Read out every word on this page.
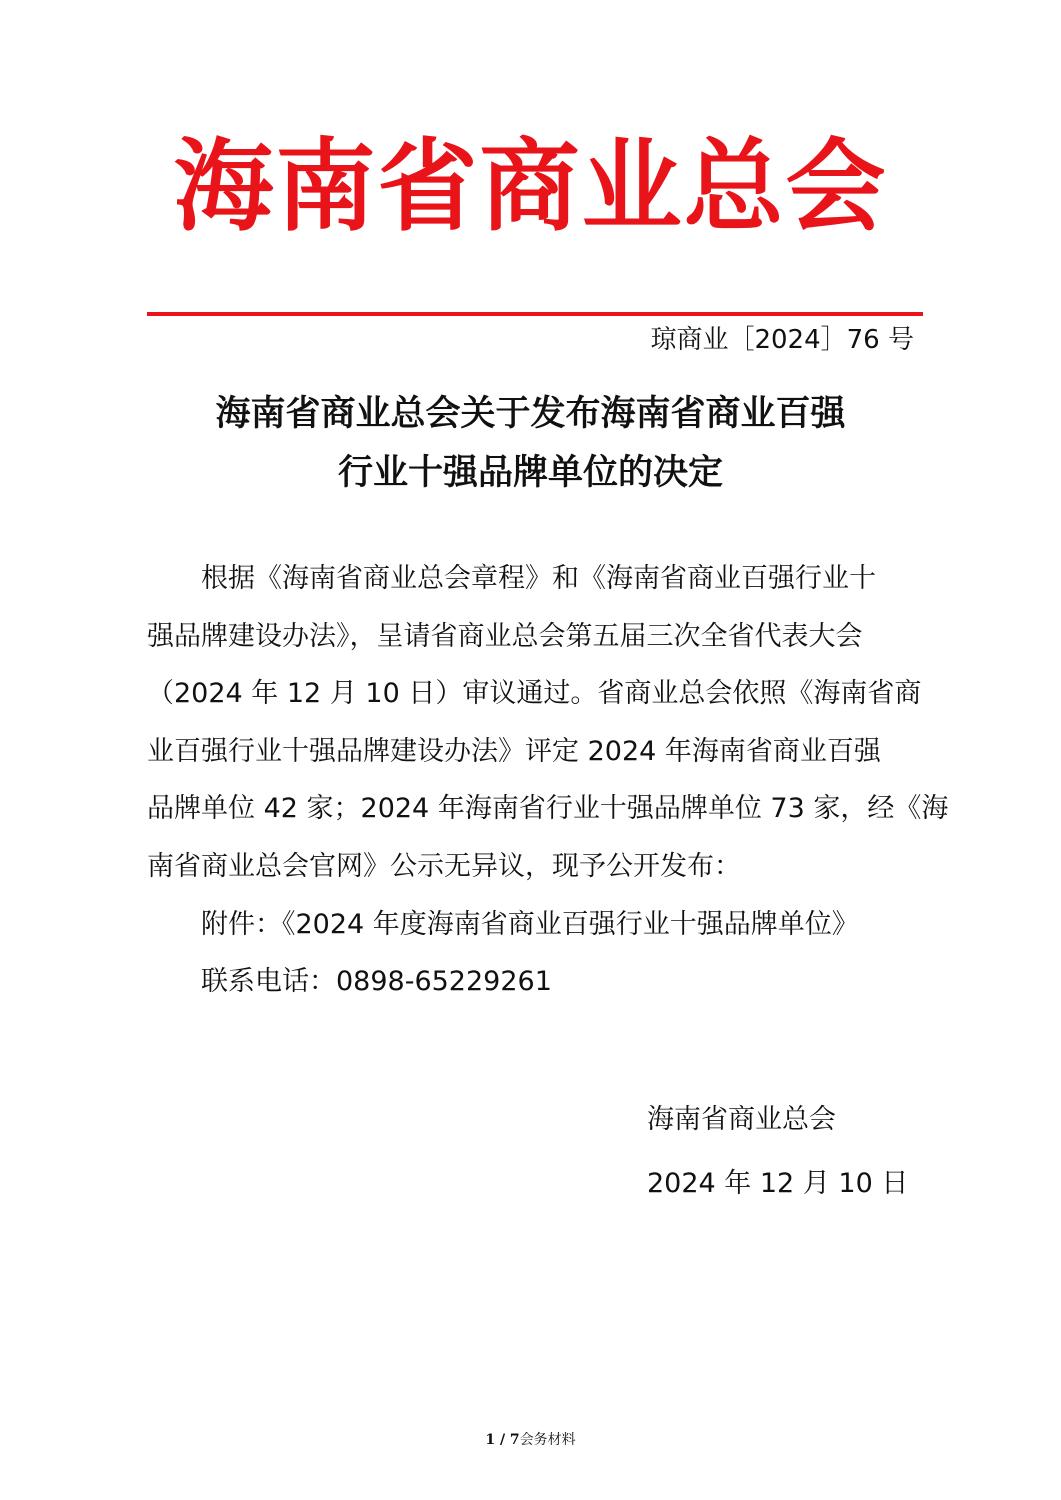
海南省商业总会
琼商业［2024］76 号
海南省商业总会关于发布海南省商业百强
行业十强品牌单位的决定
根据《海南省商业总会章程》和《海南省商业百强行业十
强品牌建设办法》，呈请省商业总会第五届三次全省代表大会
（2024 年 12 月 10 日）审议通过。省商业总会依照《海南省商
业百强行业十强品牌建设办法》评定 2024 年海南省商业百强
品牌单位 42 家；2024 年海南省行业十强品牌单位 73 家，经《海
南省商业总会官网》公示无异议，现予公开发布：
附件：《2024 年度海南省商业百强行业十强品牌单位》
联系电话：0898-65229261
海南省商业总会
2024 年 12 月 10 日
1 / 7会务材料
